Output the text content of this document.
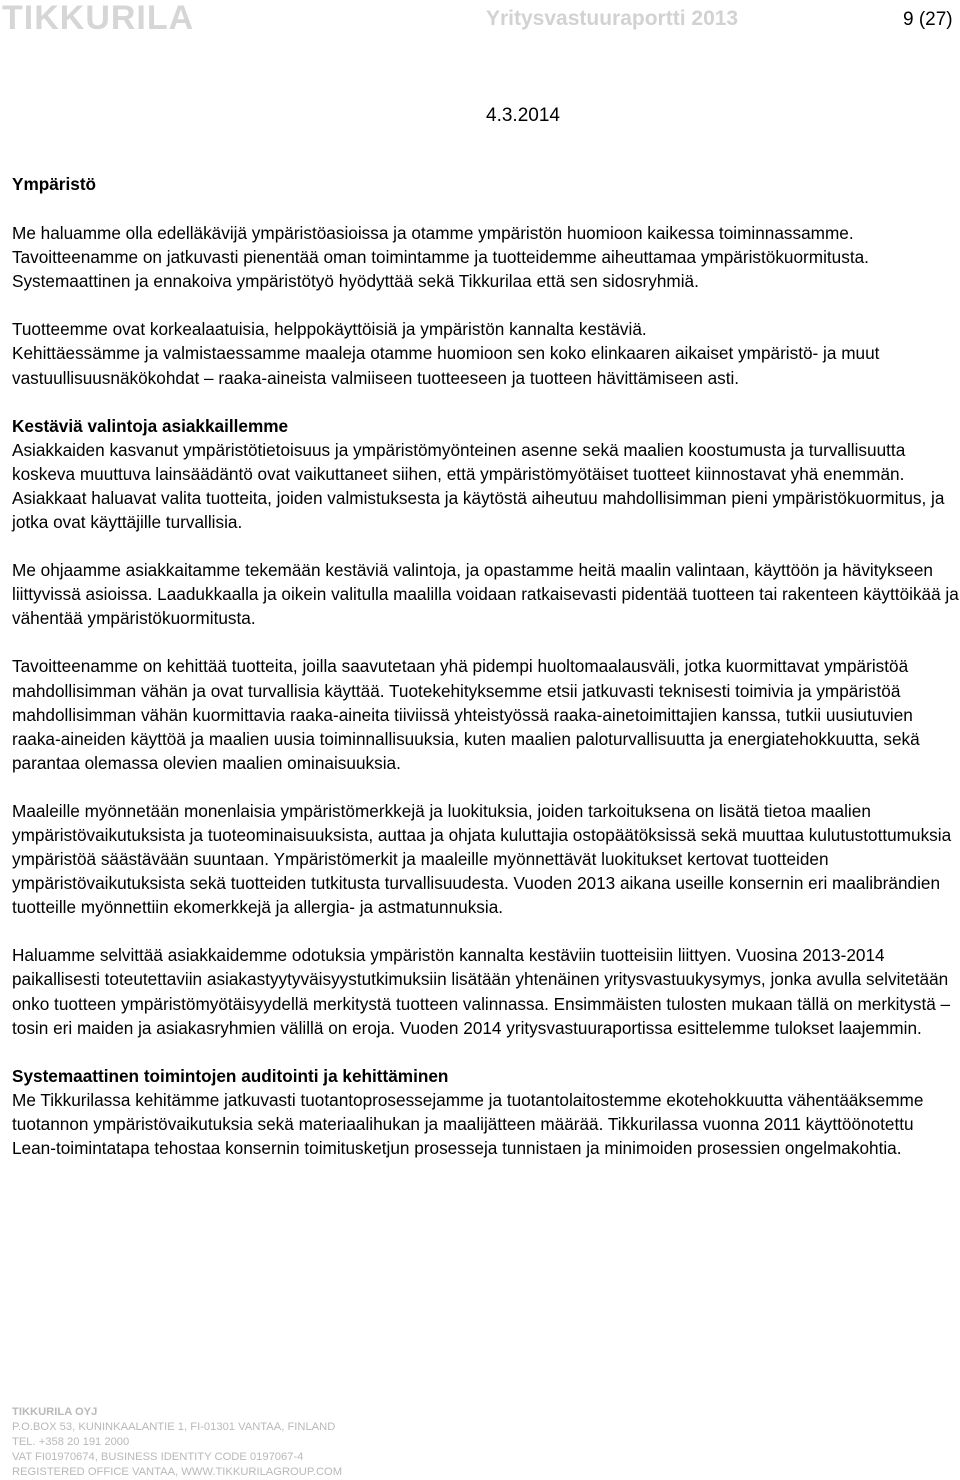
TIKKURILA	Yritysvastuuraportti 2013	9 (27)
4.3.2014
Ympäristö

Me haluamme olla edelläkävijä ympäristöasioissa ja otamme ympäristön huomioon kaikessa toiminnassamme. Tavoitteenamme on jatkuvasti pienentää oman toimintamme ja tuotteidemme aiheuttamaa ympäristökuormitusta. Systemaattinen ja ennakoiva ympäristötyö hyödyttää sekä Tikkurilaa että sen sidosryhmiä.

Tuotteemme ovat korkealaatuisia, helppokäyttöisiä ja ympäristön kannalta kestäviä.

Kehittäessämme ja valmistaessamme maaleja otamme huomioon sen koko elinkaaren aikaiset ympäristö- ja muut vastuullisuusnäkökohdat – raaka-aineista valmiiseen tuotteeseen ja tuotteen hävittämiseen asti.

Kestäviä valintoja asiakkaillemme

Asiakkaiden kasvanut ympäristötietoisuus ja ympäristömyönteinen asenne sekä maalien koostumusta ja turvallisuutta koskeva muuttuva lainsäädäntö ovat vaikuttaneet siihen, että ympäristömyötäiset tuotteet kiinnostavat yhä enemmän. Asiakkaat haluavat valita tuotteita, joiden valmistuksesta ja käytöstä aiheutuu mahdollisimman pieni ympäristökuormitus, ja jotka ovat käyttäjille turvallisia.

Me ohjaamme asiakkaitamme tekemään kestäviä valintoja, ja opastamme heitä maalin valintaan, käyttöön ja hävitykseen liittyvissä asioissa. Laadukkaalla ja oikein valitulla maalilla voidaan ratkaisevasti pidentää tuotteen tai rakenteen käyttöikää ja vähentää ympäristökuormitusta.

Tavoitteenamme on kehittää tuotteita, joilla saavutetaan yhä pidempi huoltomaalausväli, jotka kuormittavat ympäristöä mahdollisimman vähän ja ovat turvallisia käyttää. Tuotekehityksemme etsii jatkuvasti teknisesti toimivia ja ympäristöä mahdollisimman vähän kuormittavia raaka-aineita tiiviissä yhteistyössä raaka-ainetoimittajien kanssa, tutkii uusiutuvien raaka-aineiden käyttöä ja maalien uusia toiminnallisuuksia, kuten maalien paloturvallisuutta ja energiatehokkuutta, sekä parantaa olemassa olevien maalien ominaisuuksia.

Maaleille myönnetään monenlaisia ympäristömerkkejä ja luokituksia, joiden tarkoituksena on lisätä tietoa maalien ympäristövaikutuksista ja tuoteominaisuuksista, auttaa ja ohjata kuluttajia ostopäätöksissä sekä muuttaa kulutustottumuksia ympäristöä säästävään suuntaan. Ympäristömerkit ja maaleille myönnettävät luokitukset kertovat tuotteiden ympäristövaikutuksista sekä tuotteiden tutkitusta turvallisuudesta. Vuoden 2013 aikana useille konsernin eri maalibrändien tuotteille myönnettiin ekomerkkejä ja allergia- ja astmatunnuksia.

Haluamme selvittää asiakkaidemme odotuksia ympäristön kannalta kestäviin tuotteisiin liittyen. Vuosina 2013-2014 paikallisesti toteutettaviin asiakastyytyväisyystutkimuksiin lisätään yhtenäinen yritysvastuukysymys, jonka avulla selvitetään onko tuotteen ympäristömyötäisyydellä merkitystä tuotteen valinnassa. Ensimmäisten tulosten mukaan tällä on merkitystä – tosin eri maiden ja asiakasryhmien välillä on eroja. Vuoden 2014 yritysvastuuraportissa esittelemme tulokset laajemmin.

Systemaattinen toimintojen auditointi ja kehittäminen

Me Tikkurilassa kehitämme jatkuvasti tuotantoprosessejamme ja tuotantolaitostemme ekotehokkuutta vähentääksemme tuotannon ympäristövaikutuksia sekä materiaalihukan ja maalijätteen määrää. Tikkurilassa vuonna 2011 käyttöönotettu Lean-toimintatapa tehostaa konsernin toimitusketjun prosesseja tunnistaen ja minimoiden prosessien ongelmakohtia.

TIKKURILA OYJ
P.O.BOX 53, KUNINKAALANTIE 1, FI-01301 VANTAA, FINLAND
TEL. +358 20 191 2000
VAT FI01970674, BUSINESS IDENTITY CODE 0197067-4
REGISTERED OFFICE VANTAA, WWW.TIKKURILAGROUP.COM
